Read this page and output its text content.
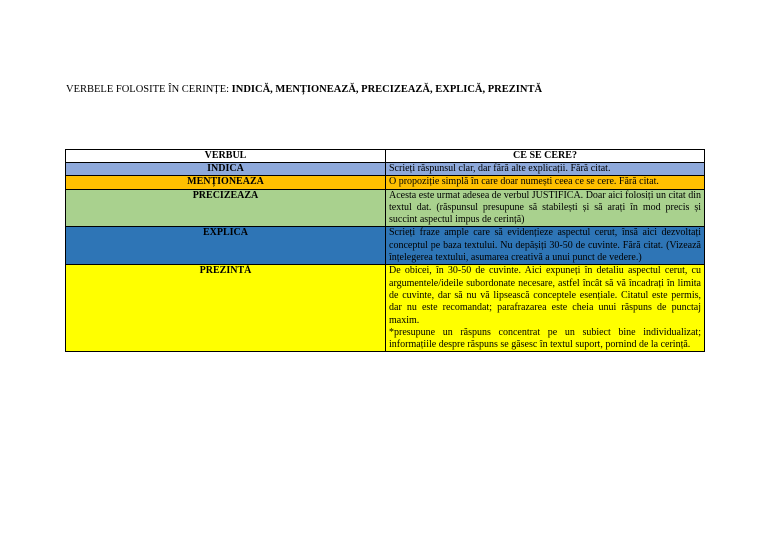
VERBELE FOLOSITE ÎN CERINȚE: INDICĂ, MENȚIONEAZĂ, PRECIZEAZĂ, EXPLICĂ, PREZINTĂ
VERBUL	CE SE CERE?
INDICA	Scrieți răspunsul clar, dar fără alte explicații. Fără citat.

MENȚIONEAZA	O propoziție simplă în care doar numești ceea ce se cere. Fără citat.

PRECIZEAZA	Acesta este urmat adesea de verbul JUSTIFICA. Doar aici folosiți un citat din textul dat. (răspunsul presupune să stabilești și să arați în mod precis și succint aspectul impus de cerință)

EXPLICA	Scrieți fraze ample care să evidențieze aspectul cerut, însă aici dezvoltați conceptul pe baza textului. Nu depășiți 30-50 de cuvinte. Fără citat. (Vizează înțelegerea textului, asumarea creativă a unui punct de vedere.)

PREZINTĂ	De obicei, în 30-50 de cuvinte. Aici expuneți în detaliu aspectul cerut, cu argumentele/ideile subordonate necesare, astfel încât să vă încadrați în limita de cuvinte, dar să nu vă lipsească conceptele esențiale. Citatul este permis, dar nu este recomandat; parafrazarea este cheia unui răspuns de punctaj maxim.

*presupune un răspuns concentrat pe un subiect bine individualizat; informațiile despre răspuns se găsesc în textul suport, pornind de la cerință.
